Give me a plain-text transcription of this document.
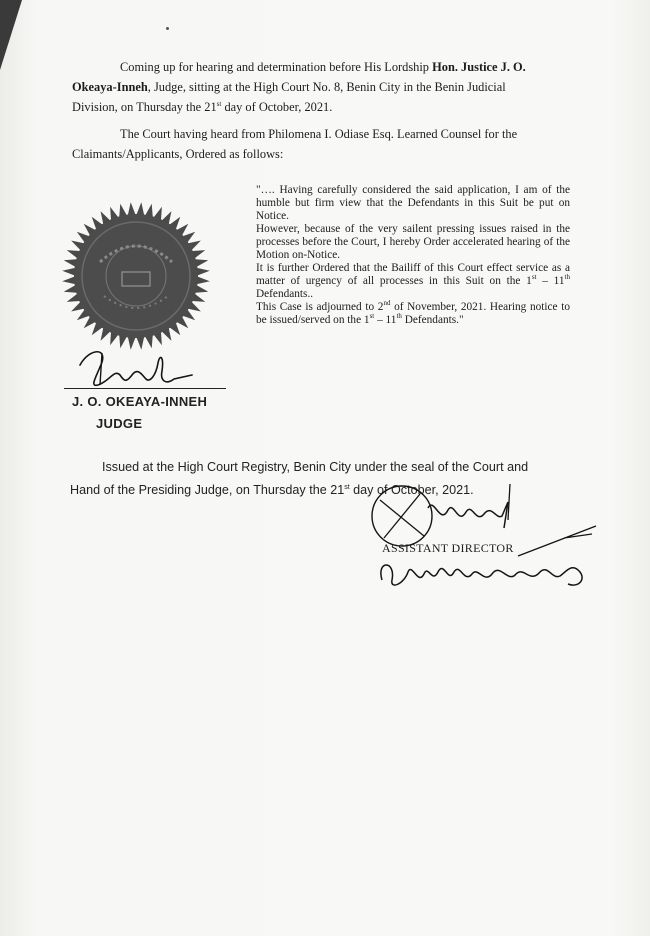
Coming up for hearing and determination before His Lordship Hon. Justice J. O.
Okeaya-Inneh, Judge, sitting at the High Court No. 8, Benin City in the Benin Judicial
Division, on Thursday the 21st day of October, 2021.
The Court having heard from Philomena I. Odiase Esq. Learned Counsel for the
Claimants/Applicants, Ordered as follows:

"…. Having carefully considered the said application, I am of the humble but firm view that the Defendants in this Suit be put on Notice.

However, because of the very sailent pressing issues raised in the processes before the Court, I hereby Order accelerated hearing of the Motion on-Notice.

It is further Ordered that the Bailiff of this Court effect service as a matter of urgency of all processes in this Suit on the 1st – 11th Defendants..

This Case is adjourned to 2nd of November, 2021. Hearing notice to be issued/served on the 1st – 11th Defendants."

J. O. OKEAYA-INNEH
JUDGE
Issued at the High Court Registry, Benin City under the seal of the Court and
Hand of the Presiding Judge, on Thursday the 21st day of October, 2021.
ASSISTANT DIRECTOR
